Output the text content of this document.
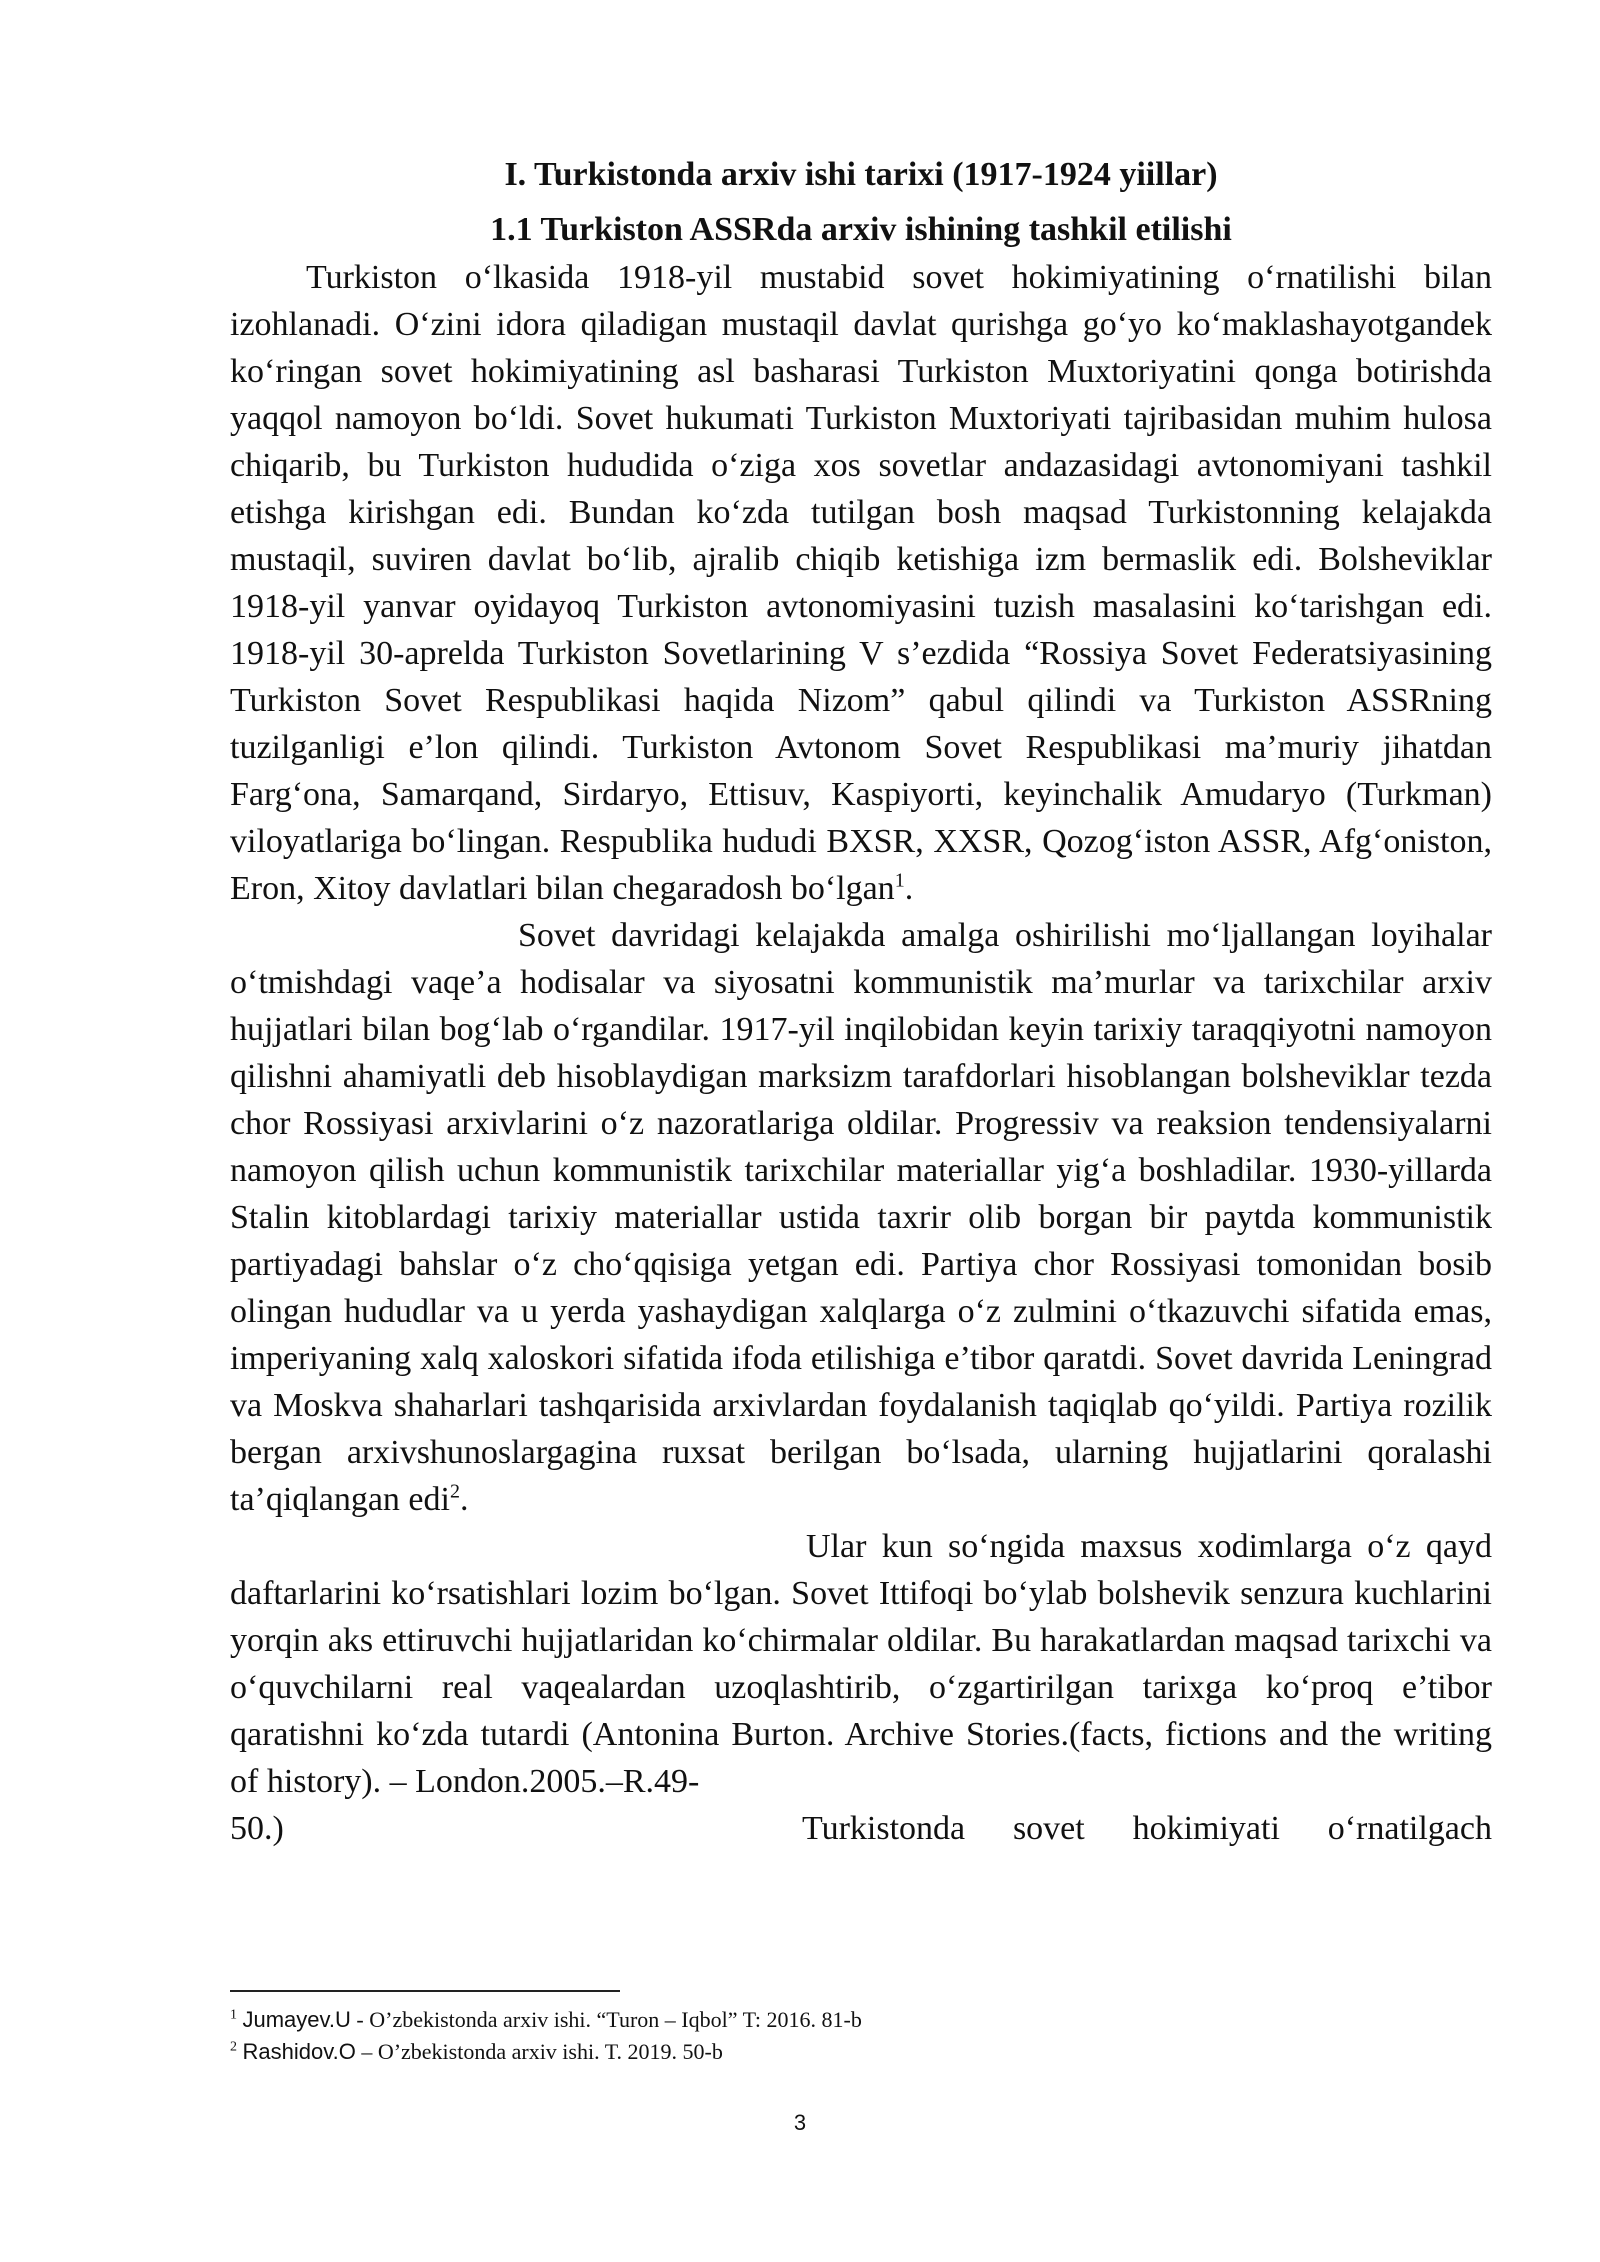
I. Turkistonda arxiv ishi tarixi (1917-1924 yiillar)
1.1 Turkiston ASSRda arxiv ishining tashkil etilishi

Turkiston o‘lkasida 1918-yil mustabid sovet hokimiyatining o‘rnatilishi bilan izohlanadi. O‘zini idora qiladigan mustaqil davlat qurishga go‘yo ko‘maklashayotgandek ko‘ringan sovet hokimiyatining asl basharasi Turkiston Muxtoriyatini qonga botirishda yaqqol namoyon bo‘ldi. Sovet hukumati Turkiston Muxtoriyati tajribasidan muhim hulosa chiqarib, bu Turkiston hududida o‘ziga xos sovetlar andazasidagi avtonomiyani tashkil etishga kirishgan edi. Bundan ko‘zda tutilgan bosh maqsad Turkistonning kelajakda mustaqil, suviren davlat bo‘lib, ajralib chiqib ketishiga izm bermaslik edi. Bolsheviklar 1918-yil yanvar oyidayoq Turkiston avtonomiyasini tuzish masalasini ko‘tarishgan edi. 1918-yil 30-aprelda Turkiston Sovetlarining V s’ezdida “Rossiya Sovet Federatsiyasining Turkiston Sovet Respublikasi haqida Nizom” qabul qilindi va Turkiston ASSRning tuzilganligi e’lon qilindi. Turkiston Avtonom Sovet Respublikasi ma’muriy jihatdan Farg‘ona, Samarqand, Sirdaryo, Ettisuv, Kaspiyorti, keyinchalik Amudaryo (Turkman) viloyatlariga bo‘lingan. Respublika hududi BXSR, XXSR, Qozog‘iston ASSR, Afg‘oniston, Eron, Xitoy davlatlari bilan chegaradosh bo‘lgan$^1$.

Sovet davridagi kelajakda amalga oshirilishi mo‘ljallangan loyihalar o‘tmishdagi vaqe’a hodisalar va siyosatni kommunistik ma’murlar va tarixchilar arxiv hujjatlari bilan bog‘lab o‘rgandilar. 1917-yil inqilobidan keyin tarixiy taraqqiyotni namoyon qilishni ahamiyatli deb hisoblaydigan marksizm tarafdorlari hisoblangan bolsheviklar tezda chor Rossiyasi arxivlarini o‘z nazoratlariga oldilar. Progressiv va reaksion tendensiyalarni namoyon qilish uchun kommunistik tarixchilar materiallar yig‘a boshladilar. 1930-yillarda Stalin kitoblardagi tarixiy materiallar ustida taxrir olib borgan bir paytda kommunistik partiyadagi bahslar o‘z cho‘qqisiga yetgan edi. Partiya chor Rossiyasi tomonidan bosib olingan hududlar va u yerda yashaydigan xalqlarga o‘z zulmini o‘tkazuvchi sifatida emas, imperiyaning xalq xaloskori sifatida ifoda etilishiga e’tibor qaratdi. Sovet davrida Leningrad va Moskva shaharlari tashqarisida arxivlardan foydalanish taqiqlab qo‘yildi. Partiya rozilik bergan arxivshunoslargagina ruxsat berilgan bo‘lsada, ularning hujjatlarini qoralashi ta’qiqlangan edi$^2$.

Ular kun so‘ngida maxsus xodimlarga o‘z qayd daftarlarini ko‘rsatishlari lozim bo‘lgan. Sovet Ittifoqi bo‘ylab bolshevik senzura kuchlarini yorqin aks ettiruvchi hujjatlaridan ko‘chirmalar oldilar. Bu harakatlardan maqsad tarixchi va o‘quvchilarni real vaqealardan uzoqlashtirib, o‘zgartirilgan tarixga ko‘proq e’tibor qaratishni ko‘zda tutardi (Antonina Burton. Archive Stories.(facts, fictions and the writing of history). – London.2005.–R.49-

50.)	Turkistonda sovet hokimiyati o‘rnatilgach
$^1$ Jumayev.U - O’zbekistonda arxiv ishi. “Turon – Iqbol” T: 2016. 81-b
$^2$ Rashidov.O – O’zbekistonda arxiv ishi. T. 2019. 50-b
3
